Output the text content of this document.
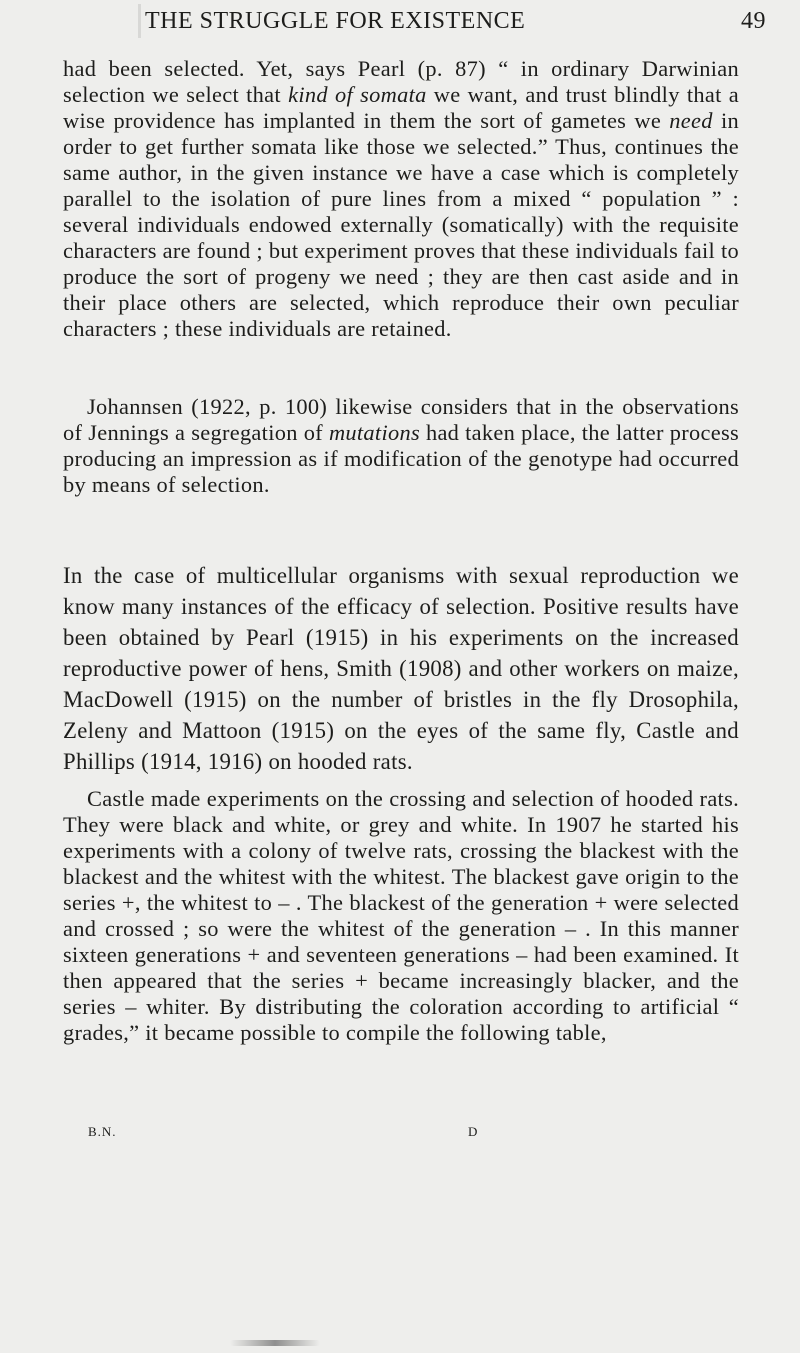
THE STRUGGLE FOR EXISTENCE	49

had been selected. Yet, says Pearl (p. 87) “ in ordinary Darwinian selection we select that kind of somata we want, and trust blindly that a wise providence has implanted in them the sort of gametes we need in order to get further somata like those we selected.” Thus, continues the same author, in the given instance we have a case which is completely parallel to the isolation of pure lines from a mixed “ population ” : several individuals endowed externally (somatically) with the requisite characters are found ; but experiment proves that these individuals fail to produce the sort of progeny we need ; they are then cast aside and in their place others are selected, which reproduce their own peculiar characters ; these individuals are retained.

Johannsen (1922, p. 100) likewise considers that in the observations of Jennings a segregation of mutations had taken place, the latter process producing an impression as if modification of the genotype had occurred by means of selection.

In the case of multicellular organisms with sexual reproduction we know many instances of the efficacy of selection. Positive results have been obtained by Pearl (1915) in his experiments on the increased reproductive power of hens, Smith (1908) and other workers on maize, MacDowell (1915) on the number of bristles in the fly Drosophila, Zeleny and Mattoon (1915) on the eyes of the same fly, Castle and Phillips (1914, 1916) on hooded rats.

Castle made experiments on the crossing and selection of hooded rats. They were black and white, or grey and white. In 1907 he started his experiments with a colony of twelve rats, crossing the blackest with the blackest and the whitest with the whitest. The blackest gave origin to the series +, the whitest to – . The blackest of the generation + were selected and crossed ; so were the whitest of the generation – . In this manner sixteen generations + and seventeen generations – had been examined. It then appeared that the series + became increasingly blacker, and the series – whiter. By distributing the coloration according to artificial “ grades,” it became possible to compile the following table,

B.N.	D
